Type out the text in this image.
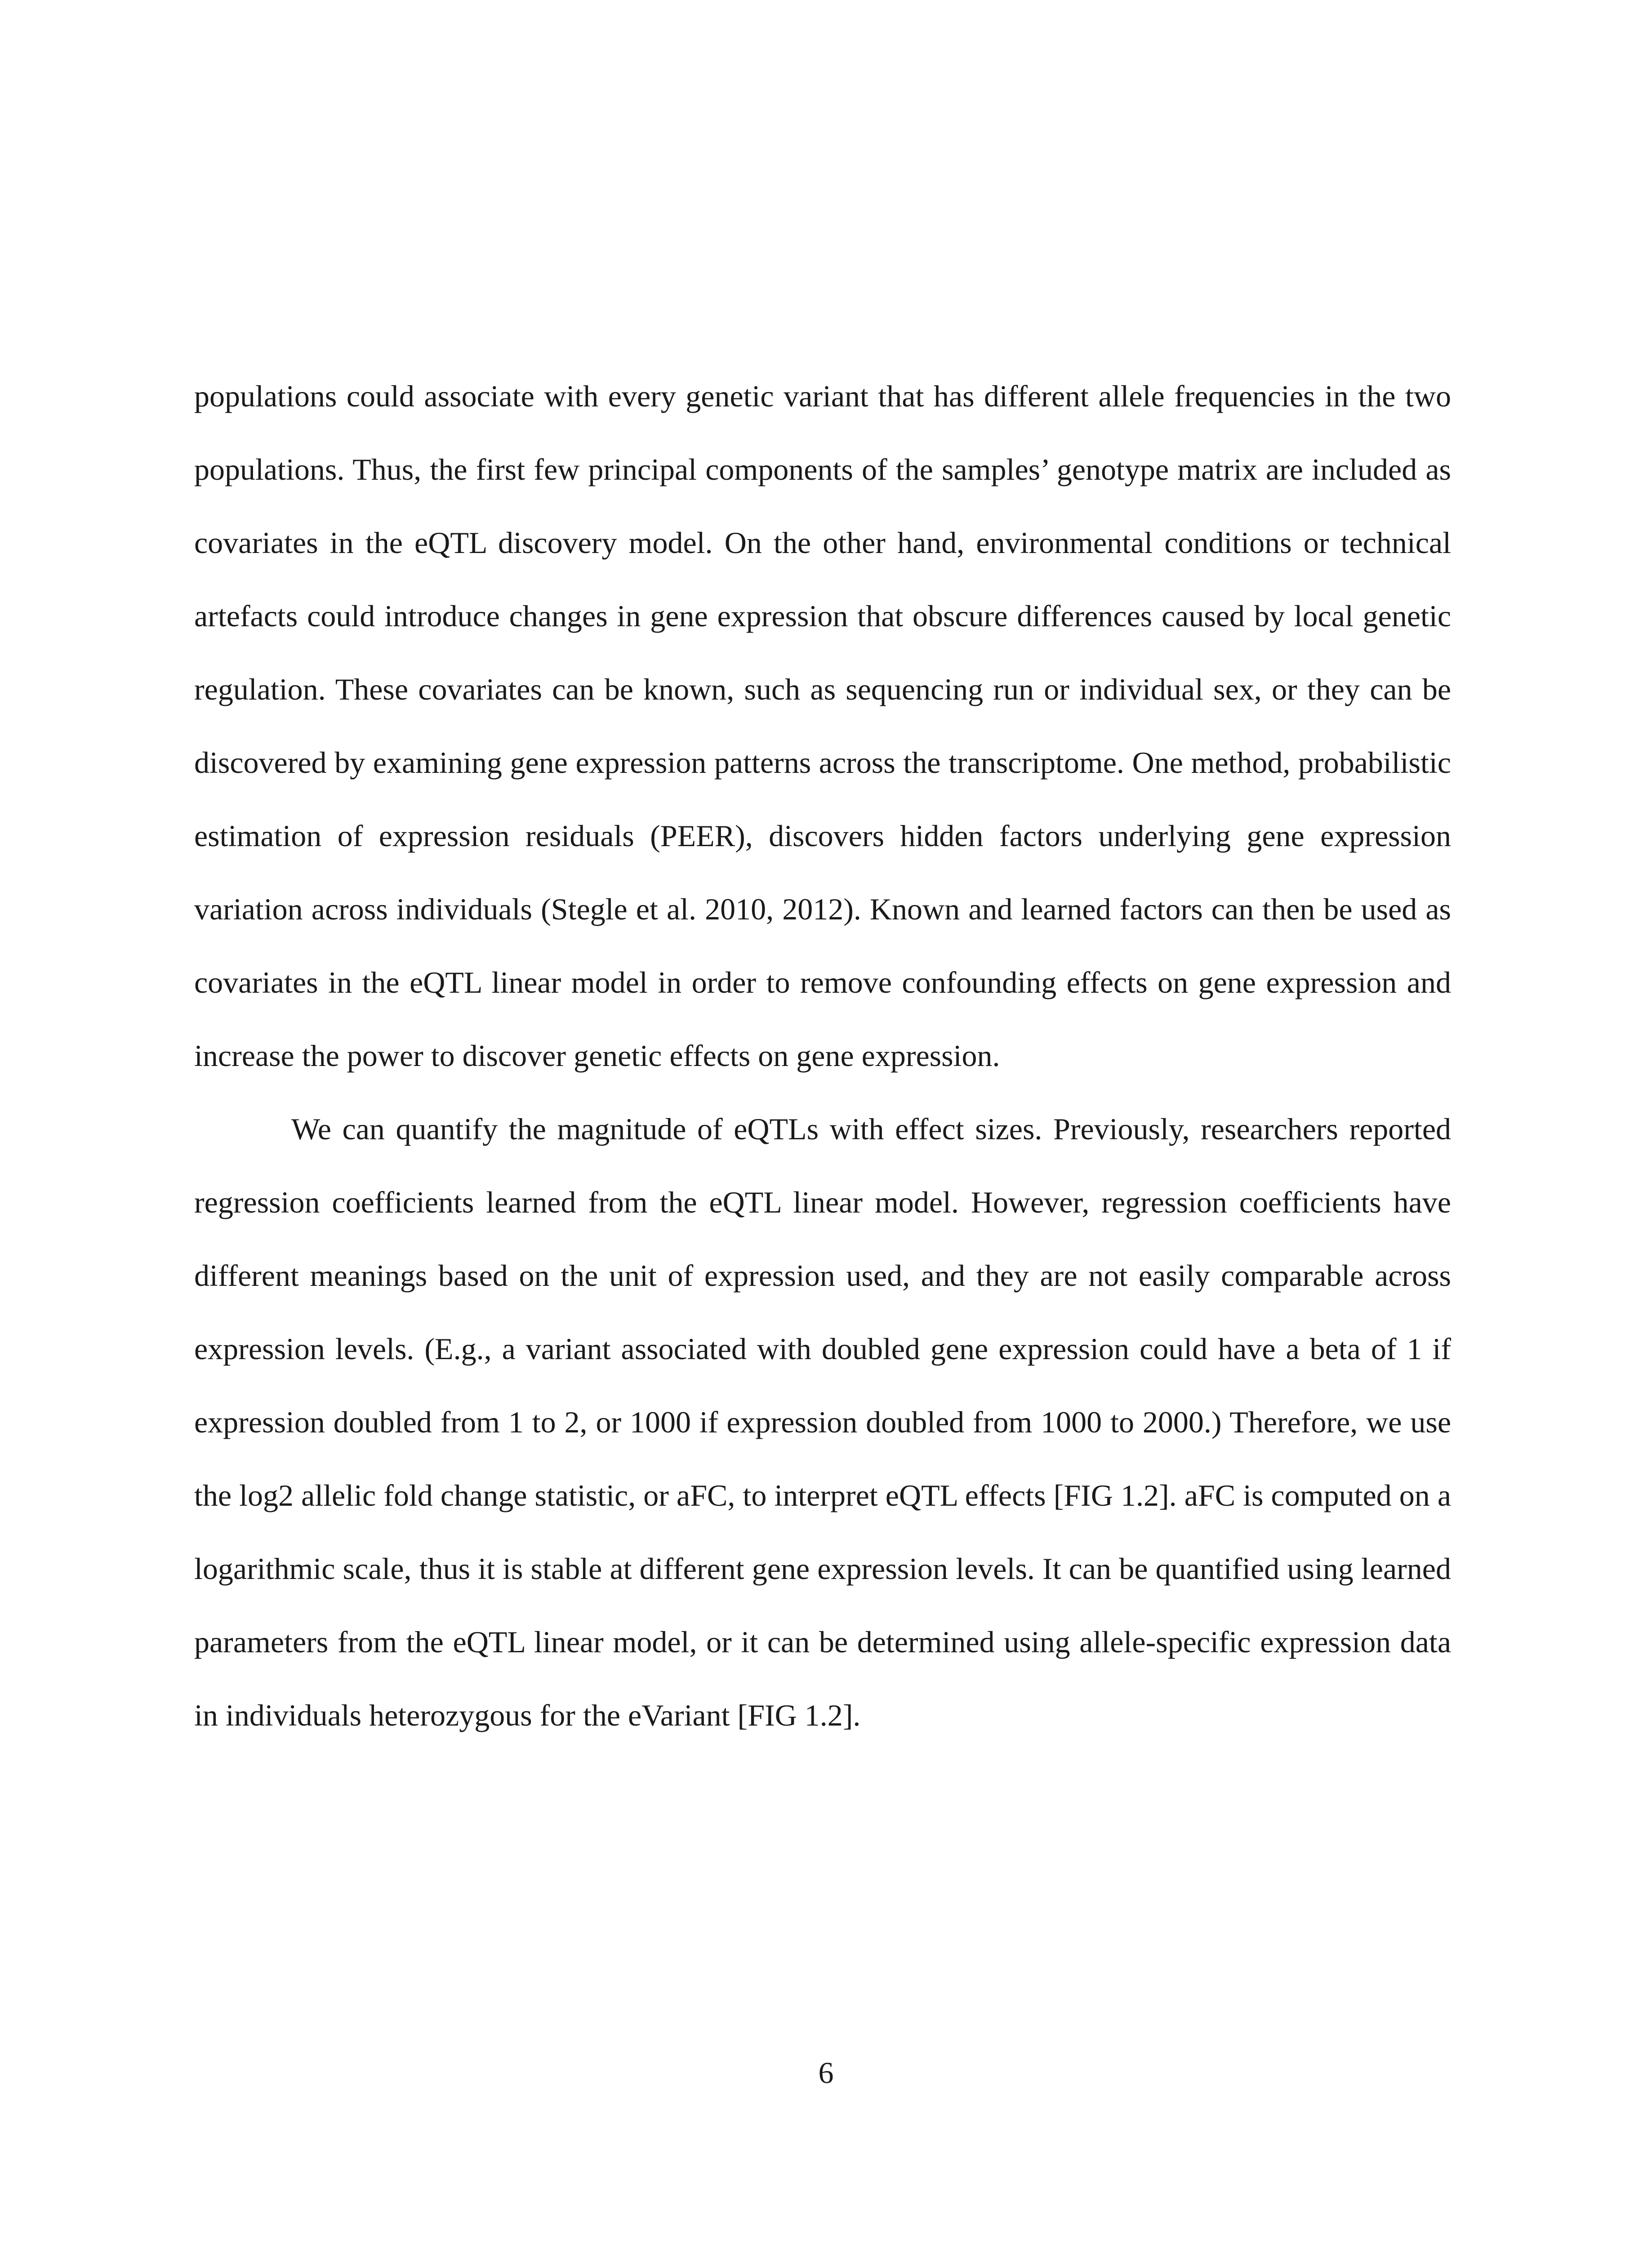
populations could associate with every genetic variant that has different allele frequencies in the two populations. Thus, the first few principal components of the samples’ genotype matrix are included as covariates in the eQTL discovery model. On the other hand, environmental conditions or technical artefacts could introduce changes in gene expression that obscure differences caused by local genetic regulation. These covariates can be known, such as sequencing run or individual sex, or they can be discovered by examining gene expression patterns across the transcriptome. One method, probabilistic estimation of expression residuals (PEER), discovers hidden factors underlying gene expression variation across individuals (Stegle et al. 2010, 2012). Known and learned factors can then be used as covariates in the eQTL linear model in order to remove confounding effects on gene expression and increase the power to discover genetic effects on gene expression.

We can quantify the magnitude of eQTLs with effect sizes. Previously, researchers reported regression coefficients learned from the eQTL linear model. However, regression coefficients have different meanings based on the unit of expression used, and they are not easily comparable across expression levels. (E.g., a variant associated with doubled gene expression could have a beta of 1 if expression doubled from 1 to 2, or 1000 if expression doubled from 1000 to 2000.) Therefore, we use the log2 allelic fold change statistic, or aFC, to interpret eQTL effects [FIG 1.2]. aFC is computed on a logarithmic scale, thus it is stable at different gene expression levels. It can be quantified using learned parameters from the eQTL linear model, or it can be determined using allele-specific expression data in individuals heterozygous for the eVariant [FIG 1.2].

6
